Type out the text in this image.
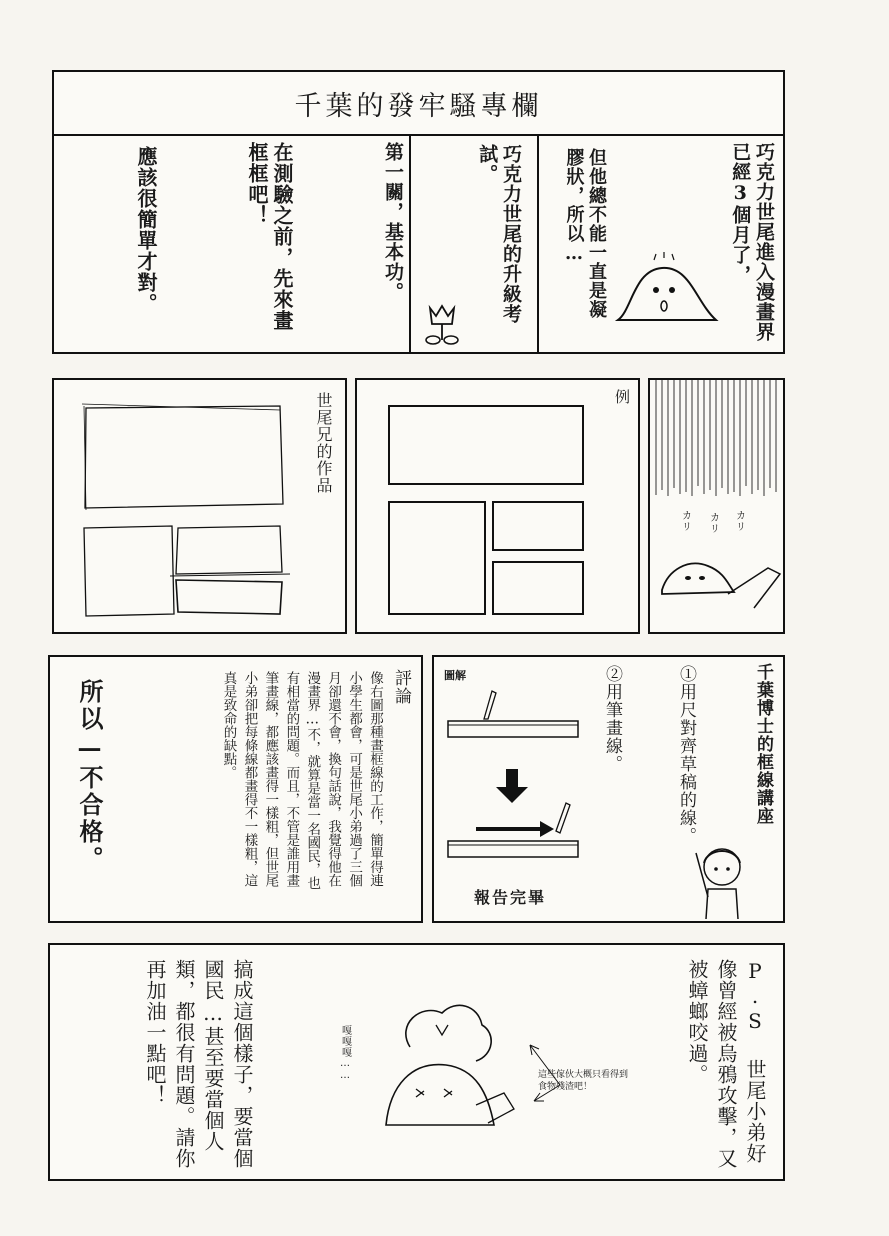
千葉的發牢騷專欄
巧克力世尾進入漫畫界已經3個月了，
但他總不能一直是凝膠狀，所以…
巧克力世尾的升級考試。
第一關，基本功。
在測驗之前，先來畫框框吧！
應該很簡單才對。
世尾兄的作品	例
カリ カリ カリ
評論
像右圖那種畫框線的工作，簡單得連小學生都會，可是世尾小弟過了三個月卻還不會，換句話說，我覺得他在漫畫界…不，就算是當一名國民，也有相當的問題。而且，不管是誰用畫筆畫線，都應該畫得一樣粗，但世尾小弟卻把每條線都畫得不一樣粗，這真是致命的缺點。
所以—不合格。	千葉博士的框線講座
①用尺對齊草稿的線。
②用筆畫線。
圖解
報告完畢
P.S 世尾小弟好像曾經被烏鴉攻擊，又被蟑螂咬過。
搞成這個樣子，要當個國民…甚至要當個人類，都很有問題。請你再加油一點吧！	嘎嘎嘎……	這些傢伙大概只看得到食物殘渣吧！
